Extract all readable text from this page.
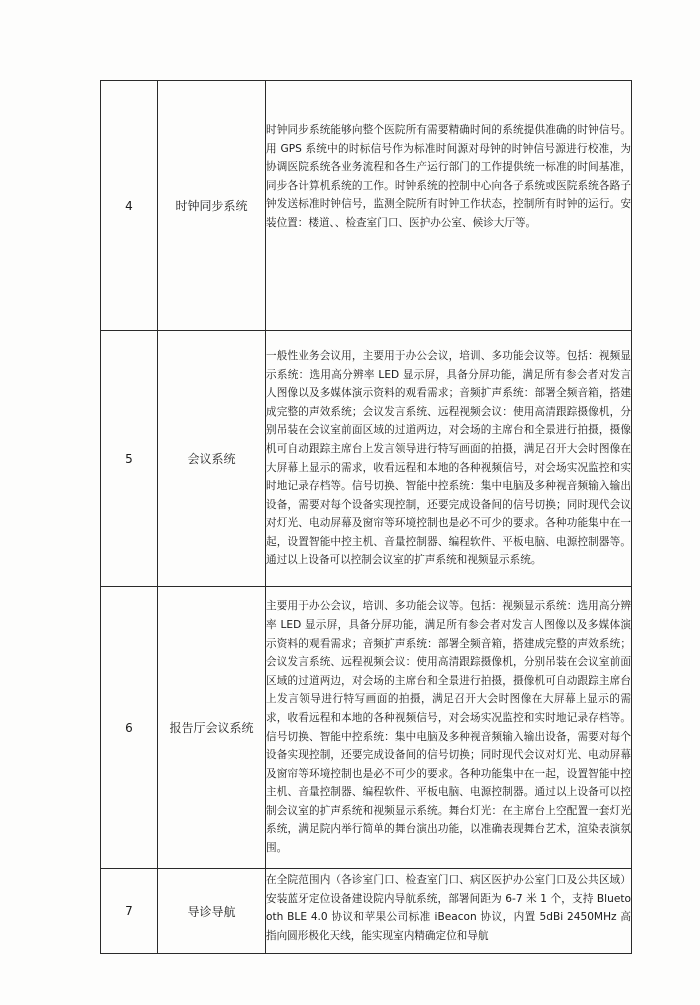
4	时钟同步系统	时钟同步系统能够向整个医院所有需要精确时间的系统提供准确的时钟信号。用 GPS 系统中的时标信号作为标准时间源对母钟的时钟信号源进行校准，为协调医院系统各业务流程和各生产运行部门的工作提供统一标准的时间基准，同步各计算机系统的工作。时钟系统的控制中心向各子系统或医院系统各路子钟发送标准时钟信号，监测全院所有时钟工作状态，控制所有时钟的运行。安装位置：楼道、、检查室门口、医护办公室、候诊大厅等。
5	会议系统	一般性业务会议用，主要用于办公会议，培训、多功能会议等。包括：视频显示系统：选用高分辨率 LED 显示屏，具备分屏功能，满足所有参会者对发言人图像以及多媒体演示资料的观看需求；音频扩声系统：部署全频音箱，搭建成完整的声效系统；会议发言系统、远程视频会议：使用高清跟踪摄像机，分别吊装在会议室前面区域的过道两边，对会场的主席台和全景进行拍摄，摄像机可自动跟踪主席台上发言领导进行特写画面的拍摄，满足召开大会时图像在大屏幕上显示的需求，收看远程和本地的各种视频信号，对会场实况监控和实时地记录存档等。信号切换、智能中控系统：集中电脑及多种视音频输入输出设备，需要对每个设备实现控制，还要完成设备间的信号切换；同时现代会议对灯光、电动屏幕及窗帘等环境控制也是必不可少的要求。各种功能集中在一起，设置智能中控主机、音量控制器、编程软件、平板电脑、电源控制器等。通过以上设备可以控制会议室的扩声系统和视频显示系统。
6	报告厅会议系统	主要用于办公会议，培训、多功能会议等。包括：视频显示系统：选用高分辨率 LED 显示屏，具备分屏功能，满足所有参会者对发言人图像以及多媒体演示资料的观看需求；音频扩声系统：部署全频音箱，搭建成完整的声效系统；会议发言系统、远程视频会议：使用高清跟踪摄像机，分别吊装在会议室前面区域的过道两边，对会场的主席台和全景进行拍摄，摄像机可自动跟踪主席台上发言领导进行特写画面的拍摄，满足召开大会时图像在大屏幕上显示的需求，收看远程和本地的各种视频信号，对会场实况监控和实时地记录存档等。信号切换、智能中控系统：集中电脑及多种视音频输入输出设备，需要对每个设备实现控制，还要完成设备间的信号切换；同时现代会议对灯光、电动屏幕及窗帘等环境控制也是必不可少的要求。各种功能集中在一起，设置智能中控主机、音量控制器、编程软件、平板电脑、电源控制器。通过以上设备可以控制会议室的扩声系统和视频显示系统。舞台灯光：在主席台上空配置一套灯光系统，满足院内举行简单的舞台演出功能，以准确表现舞台艺术，渲染表演氛围。
7	导诊导航	在全院范围内（各诊室门口、检查室门口、病区医护办公室门口及公共区域）安装蓝牙定位设备建设院内导航系统，部署间距为 6-7 米 1 个，支持 Bluetooth BLE 4.0 协议和苹果公司标准 iBeacon 协议，内置 5dBi 2450MHz 高指向圆形极化天线，能实现室内精确定位和导航
